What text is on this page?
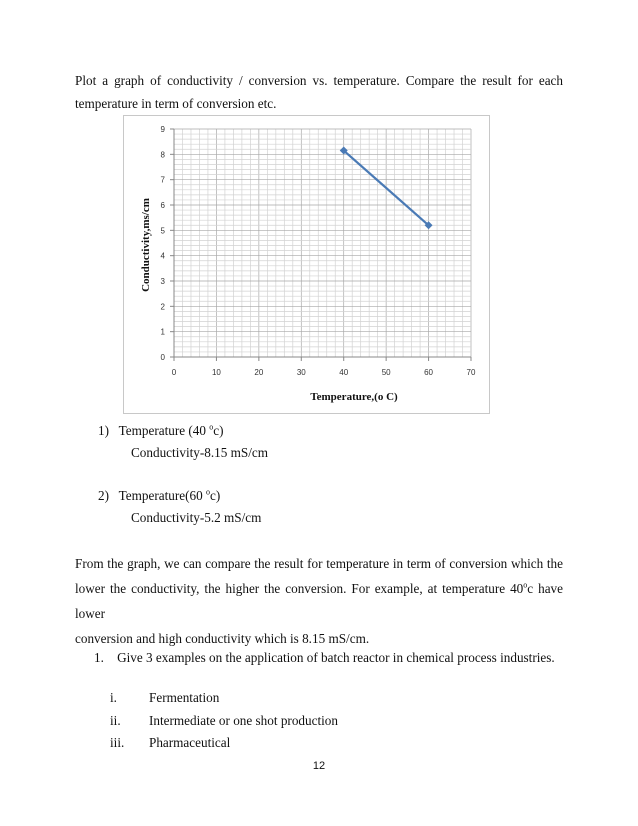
Plot a graph of conductivity / conversion vs. temperature. Compare the result for each
temperature in term of conversion etc.
0	10	20	30	40	50	60	70
0
1
2
3
4
5
6
7
8
9
Temperature,(o C)
Conductivity,ms/cm
1) Temperature (40 $^o$c)
Conductivity-8.15 mS/cm
2) Temperature(60 $^o$c)
Conductivity-5.2 mS/cm
From the graph, we can compare the result for temperature in term of conversion which the
lower the conductivity, the higher the conversion. For example, at temperature 40$^o$c have lower
conversion and high conductivity which is 8.15 mS/cm.
1. Give 3 examples on the application of batch reactor in chemical process industries.
i. Fermentation
ii. Intermediate or one shot production
iii. Pharmaceutical
12
